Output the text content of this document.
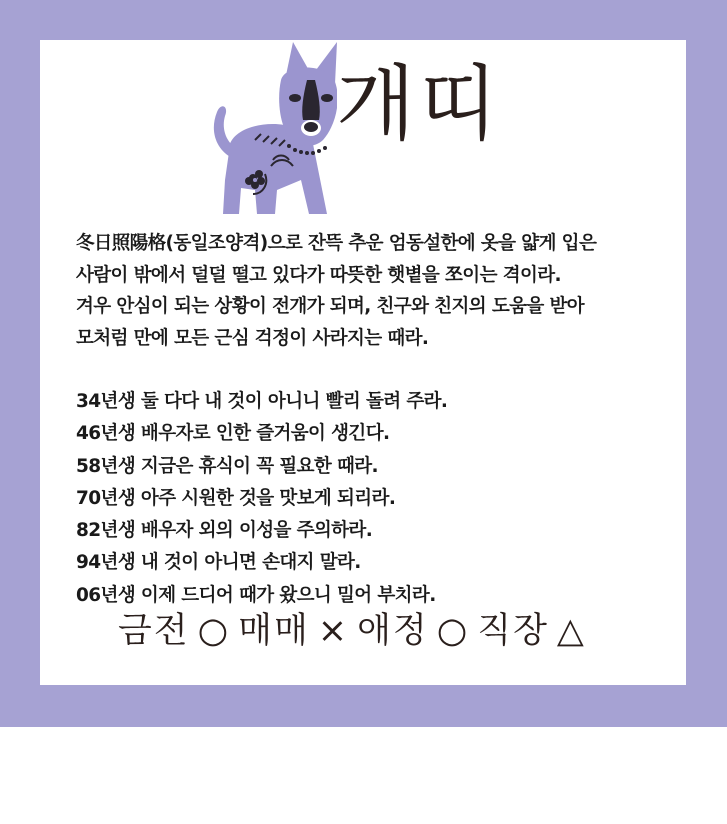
개띠
冬日照陽格(동일조양격)으로 잔뜩 추운 엄동설한에 옷을 얇게 입은
사람이 밖에서 덜덜 떨고 있다가 따뜻한 햇볕을 쪼이는 격이라.
겨우 안심이 되는 상황이 전개가 되며, 친구와 친지의 도움을 받아
모처럼 만에 모든 근심 걱정이 사라지는 때라.
34년생 둘 다다 내 것이 아니니 빨리 돌려 주라.
46년생 배우자로 인한 즐거움이 생긴다.
58년생 지금은 휴식이 꼭 필요한 때라.
70년생 아주 시원한 것을 맛보게 되리라.
82년생 배우자 외의 이성을 주의하라.
94년생 내 것이 아니면 손대지 말라.
06년생 이제 드디어 때가 왔으니 밀어 부치라.
금전 ○ 매매 × 애정 ○ 직장 △
